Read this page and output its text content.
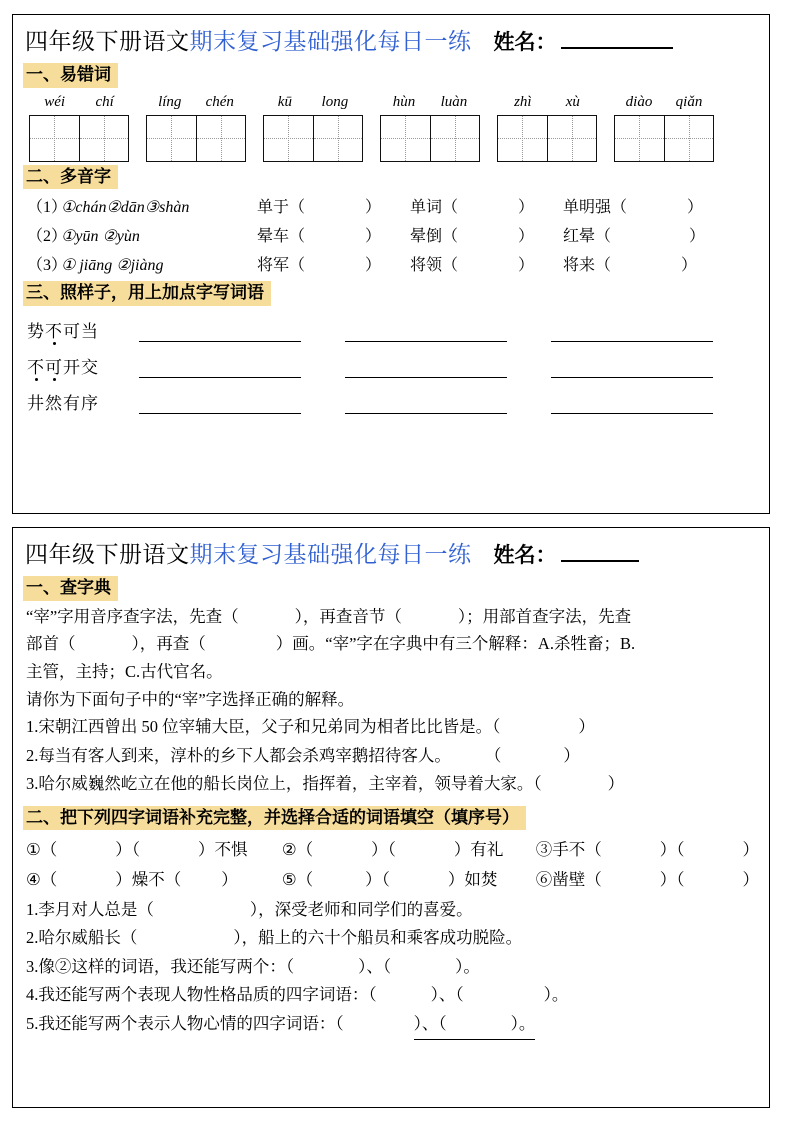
四年级下册语文 期末复习基础强化每日一练 姓名：
一、易错词
wéi chí	líng chén	kū long	hùn luàn	zhì xù	diào qiǎn
二、多音字
（1）
①chán②dān③shàn	单于（	）	单词（	）	单明强（	）
（2）
①yūn ②yùn	晕车（	）	晕倒（	）	红晕（	）
（3）
① jiāng ②jiàng	将军（	）	将领（	）	将来（	）
三、照样子，用上加点字写词语
势不可当
不可开交
井然有序
四年级下册语文 期末复习基础强化每日一练 姓名：
一、查字典
“宰”字用音序查字法，先查（	），再查音节（	）；用部首查字法，先查
部首（	），再查（	）画。“宰”字在字典中有三个解释：A.杀牲畜；B.
主管，主持；C.古代官名。
请你为下面句子中的“宰”字选择正确的解释。
1.宋朝江西曾出 50 位宰辅大臣，父子和兄弟同为相者比比皆是。（	）
2.每当有客人到来，淳朴的乡下人都会杀鸡宰鹅招待客人。 （	）
3.哈尔威巍然屹立在他的船长岗位上，指挥着，主宰着，领导着大家。（	）
二、把下列四字词语补充完整，并选择合适的词语填空（填序号）
①（	）（	）不惧	②（	）（	）有礼	③手不（	）（	）
④（	）燥不（ ）	⑤（	）（	）如焚	⑥凿壁（	）（	）
1.李月对人总是（	），深受老师和同学们的喜爱。
2.哈尔威船长（	），船上的六十个船员和乘客成功脱险。
3.像②这样的词语，我还能写两个：（	）、（	）。
4.我还能写两个表现人物性格品质的四字词语：（	）、（	）。
5.我还能写两个表示人物心情的四字词语：（	）、（	）。
